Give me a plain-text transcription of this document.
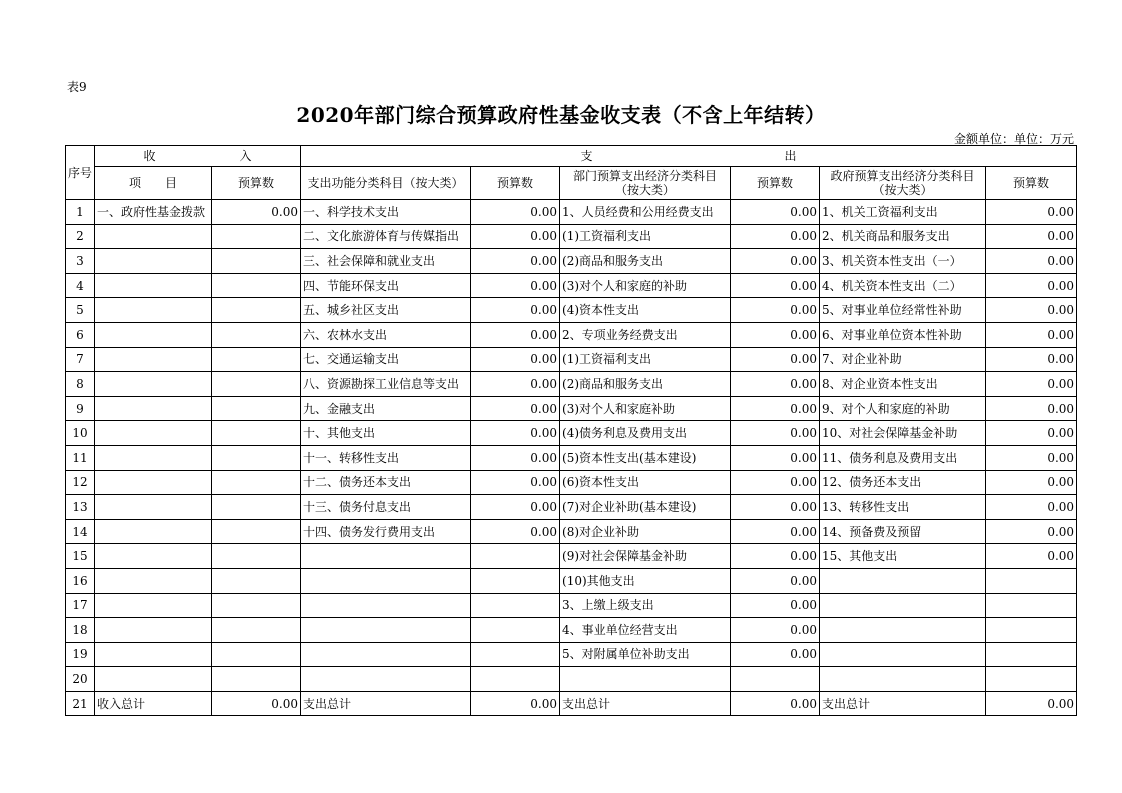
表9
2020年部门综合预算政府性基金收支表（不含上年结转）
金额单位：单位：万元
序号	收　　　　　　　入		支　　　　　　　　　　　　　　　　出					
	项　　目	预算数	支出功能分类科目（按大类）	预算数	部门预算支出经济分类科目（按大类）	预算数	政府预算支出经济分类科目（按大类）	预算数
1	一、政府性基金拨款	0.00	一、科学技术支出	0.00	1、人员经费和公用经费支出	0.00	1、机关工资福利支出	0.00
2			二、文化旅游体育与传媒指出	0.00	(1)工资福利支出	0.00	2、机关商品和服务支出	0.00
3			三、社会保障和就业支出	0.00	(2)商品和服务支出	0.00	3、机关资本性支出（一）	0.00
4			四、节能环保支出	0.00	(3)对个人和家庭的补助	0.00	4、机关资本性支出（二）	0.00
5			五、城乡社区支出	0.00	(4)资本性支出	0.00	5、对事业单位经常性补助	0.00
6			六、农林水支出	0.00	2、专项业务经费支出	0.00	6、对事业单位资本性补助	0.00
7			七、交通运输支出	0.00	(1)工资福利支出	0.00	7、对企业补助	0.00
8			八、资源勘探工业信息等支出	0.00	(2)商品和服务支出	0.00	8、对企业资本性支出	0.00
9			九、金融支出	0.00	(3)对个人和家庭补助	0.00	9、对个人和家庭的补助	0.00
10			十、其他支出	0.00	(4)债务利息及费用支出	0.00	10、对社会保障基金补助	0.00
11			十一、转移性支出	0.00	(5)资本性支出(基本建设)	0.00	11、债务利息及费用支出	0.00
12			十二、债务还本支出	0.00	(6)资本性支出	0.00	12、债务还本支出	0.00
13			十三、债务付息支出	0.00	(7)对企业补助(基本建设)	0.00	13、转移性支出	0.00
14			十四、债务发行费用支出	0.00	(8)对企业补助	0.00	14、预备费及预留	0.00
15					(9)对社会保障基金补助	0.00	15、其他支出	0.00
16					(10)其他支出	0.00		
17					3、上缴上级支出	0.00		
18					4、事业单位经营支出	0.00		
19					5、对附属单位补助支出	0.00		
20								
21	收入总计	0.00	支出总计	0.00	支出总计	0.00	支出总计	0.00
